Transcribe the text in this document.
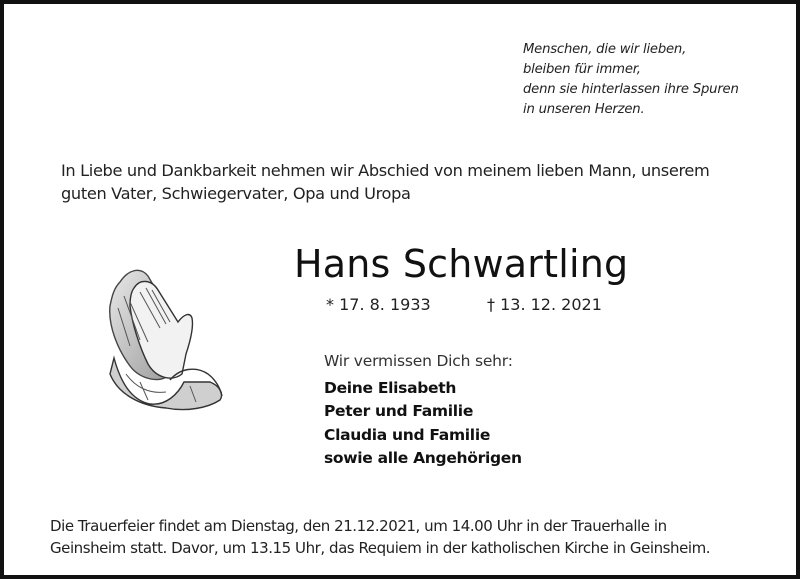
Menschen, die wir lieben,
bleiben für immer,
denn sie hinterlassen ihre Spuren
in unseren Herzen.
In Liebe und Dankbarkeit nehmen wir Abschied von meinem lieben Mann, unserem
guten Vater, Schwiegervater, Opa und Uropa
Hans Schwartling
* 17. 8. 1933	† 13. 12. 2021
Wir vermissen Dich sehr:
Deine Elisabeth
Peter und Familie
Claudia und Familie
sowie alle Angehörigen
Die Trauerfeier findet am Dienstag, den 21.12.2021, um 14.00 Uhr in der Trauerhalle in
Geinsheim statt. Davor, um 13.15 Uhr, das Requiem in der katholischen Kirche in Geinsheim.
